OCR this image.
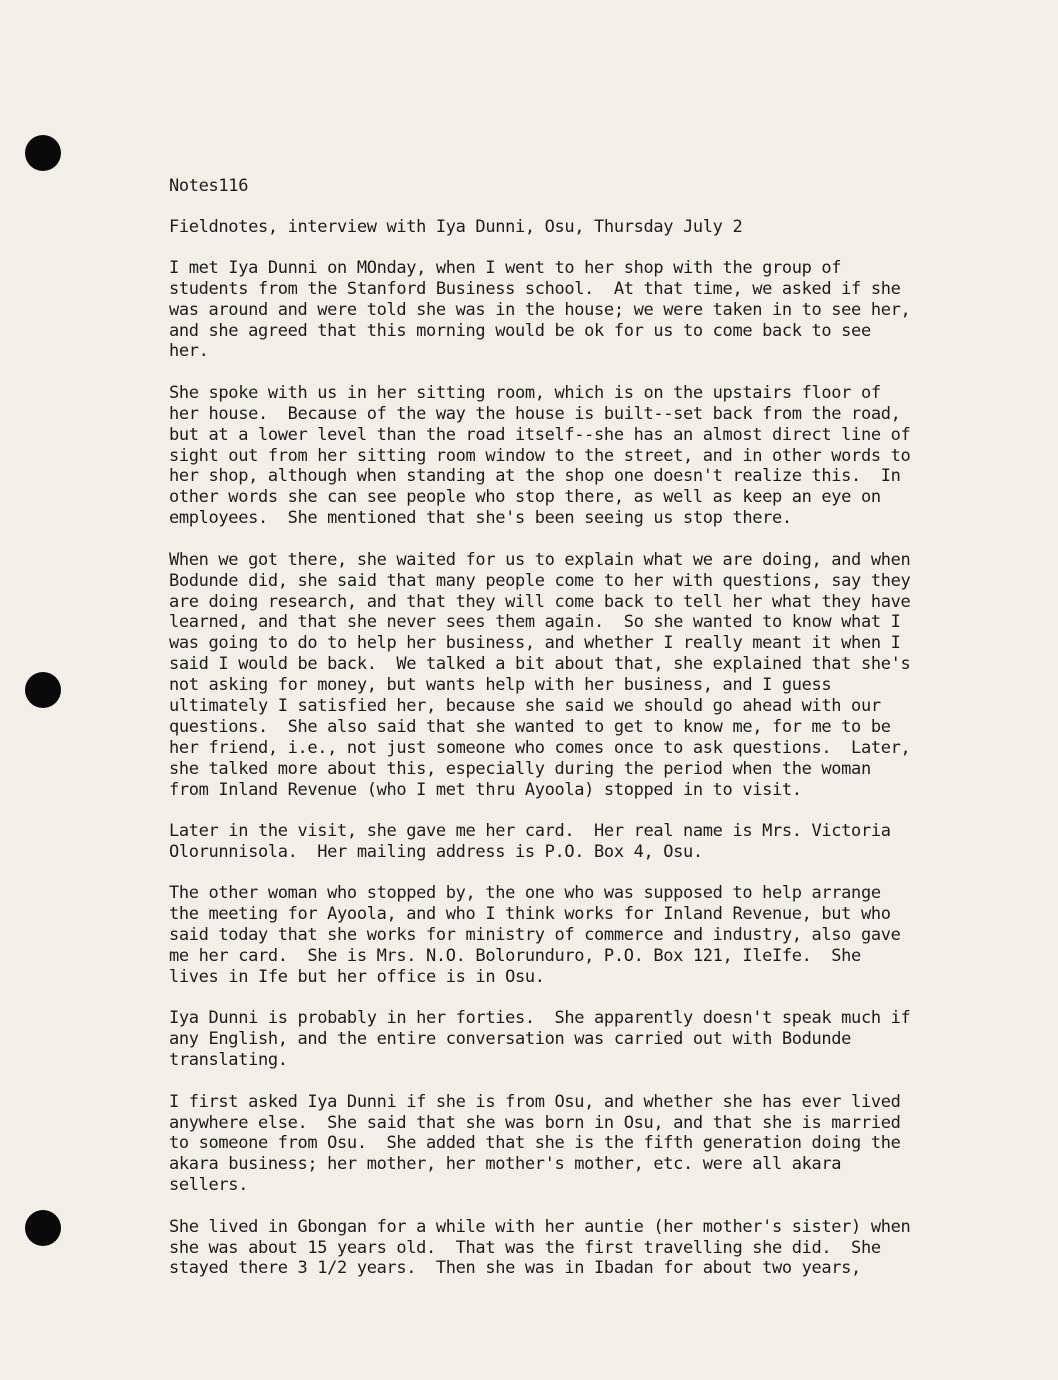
Notes116
Fieldnotes, interview with Iya Dunni, Osu, Thursday July 2
I met Iya Dunni on MOnday, when I went to her shop with the group of
students from the Stanford Business school.  At that time, we asked if she
was around and were told she was in the house; we were taken in to see her,
and she agreed that this morning would be ok for us to come back to see
her.
She spoke with us in her sitting room, which is on the upstairs floor of
her house.  Because of the way the house is built--set back from the road,
but at a lower level than the road itself--she has an almost direct line of
sight out from her sitting room window to the street, and in other words to
her shop, although when standing at the shop one doesn't realize this.  In
other words she can see people who stop there, as well as keep an eye on
employees.  She mentioned that she's been seeing us stop there.
When we got there, she waited for us to explain what we are doing, and when
Bodunde did, she said that many people come to her with questions, say they
are doing research, and that they will come back to tell her what they have
learned, and that she never sees them again.  So she wanted to know what I
was going to do to help her business, and whether I really meant it when I
said I would be back.  We talked a bit about that, she explained that she's
not asking for money, but wants help with her business, and I guess
ultimately I satisfied her, because she said we should go ahead with our
questions.  She also said that she wanted to get to know me, for me to be
her friend, i.e., not just someone who comes once to ask questions.  Later,
she talked more about this, especially during the period when the woman
from Inland Revenue (who I met thru Ayoola) stopped in to visit.
Later in the visit, she gave me her card.  Her real name is Mrs. Victoria
Olorunnisola.  Her mailing address is P.O. Box 4, Osu.
The other woman who stopped by, the one who was supposed to help arrange
the meeting for Ayoola, and who I think works for Inland Revenue, but who
said today that she works for ministry of commerce and industry, also gave
me her card.  She is Mrs. N.O. Bolorunduro, P.O. Box 121, IleIfe.  She
lives in Ife but her office is in Osu.
Iya Dunni is probably in her forties.  She apparently doesn't speak much if
any English, and the entire conversation was carried out with Bodunde
translating.
I first asked Iya Dunni if she is from Osu, and whether she has ever lived
anywhere else.  She said that she was born in Osu, and that she is married
to someone from Osu.  She added that she is the fifth generation doing the
akara business; her mother, her mother's mother, etc. were all akara
sellers.
She lived in Gbongan for a while with her auntie (her mother's sister) when
she was about 15 years old.  That was the first travelling she did.  She
stayed there 3 1/2 years.  Then she was in Ibadan for about two years,
